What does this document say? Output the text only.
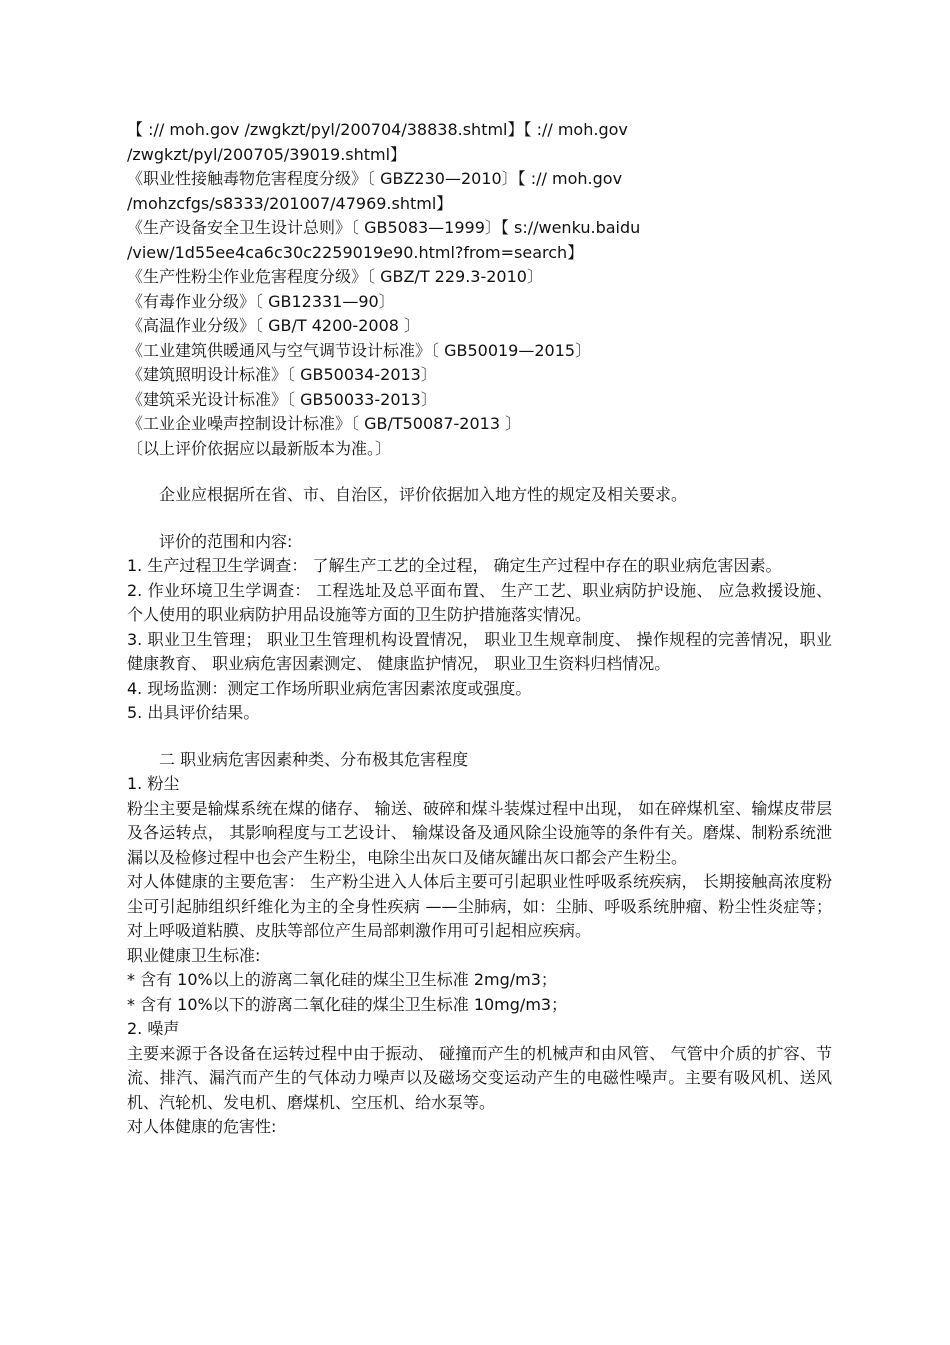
【 :// moh.gov /zwgkzt/pyl/200704/38838.shtml】【 :// moh.gov
/zwgkzt/pyl/200705/39019.shtml】
《职业性接触毒物危害程度分级》〔 GBZ230—2010〕【 :// moh.gov
/mohzcfgs/s8333/201007/47969.shtml】
《生产设备安全卫生设计总则》〔 GB5083—1999〕【 s://wenku.baidu
/view/1d55ee4ca6c30c2259019e90.html?from=search】
《生产性粉尘作业危害程度分级》〔 GBZ/T 229.3-2010〕
《有毒作业分级》〔 GB12331—90〕
《高温作业分级》〔 GB/T 4200-2008 〕
《工业建筑供暖通风与空气调节设计标准》〔 GB50019—2015〕
《建筑照明设计标准》〔 GB50034-2013〕
《建筑采光设计标准》〔 GB50033-2013〕
《工业企业噪声控制设计标准》〔 GB/T50087-2013 〕
〔以上评价依据应以最新版本为准。〕

企业应根据所在省、市、自治区，评价依据加入地方性的规定及相关要求。

评价的范围和内容:

1. 生产过程卫生学调查： 了解生产工艺的全过程， 确定生产过程中存在的职业病危害因素。

2. 作业环境卫生学调查： 工程选址及总平面布置、 生产工艺、职业病防护设施、 应急救援设施、个人使用的职业病防护用品设施等方面的卫生防护措施落实情况。

3. 职业卫生管理； 职业卫生管理机构设置情况， 职业卫生规章制度、 操作规程的完善情况，职业健康教育、 职业病危害因素测定、 健康监护情况， 职业卫生资料归档情况。

4. 现场监测：测定工作场所职业病危害因素浓度或强度。

5. 出具评价结果。

二 职业病危害因素种类、分布极其危害程度

1. 粉尘

粉尘主要是输煤系统在煤的储存、 输送、破碎和煤斗装煤过程中出现， 如在碎煤机室、输煤皮带层及各运转点， 其影响程度与工艺设计、 输煤设备及通风除尘设施等的条件有关。磨煤、制粉系统泄漏以及检修过程中也会产生粉尘，电除尘出灰口及储灰罐出灰口都会产生粉尘。

对人体健康的主要危害： 生产粉尘进入人体后主要可引起职业性呼吸系统疾病， 长期接触高浓度粉尘可引起肺组织纤维化为主的全身性疾病 ——尘肺病，如：尘肺、呼吸系统肿瘤、粉尘性炎症等；对上呼吸道粘膜、皮肤等部位产生局部刺激作用可引起相应疾病。

职业健康卫生标准:

* 含有 10%以上的游离二氧化硅的煤尘卫生标准 2mg/m3；

* 含有 10%以下的游离二氧化硅的煤尘卫生标准 10mg/m3；

2. 噪声

主要来源于各设备在运转过程中由于振动、 碰撞而产生的机械声和由风管、 气管中介质的扩容、节流、排汽、漏汽而产生的气体动力噪声以及磁场交变运动产生的电磁性噪声。主要有吸风机、送风机、汽轮机、发电机、磨煤机、空压机、给水泵等。

对人体健康的危害性:
